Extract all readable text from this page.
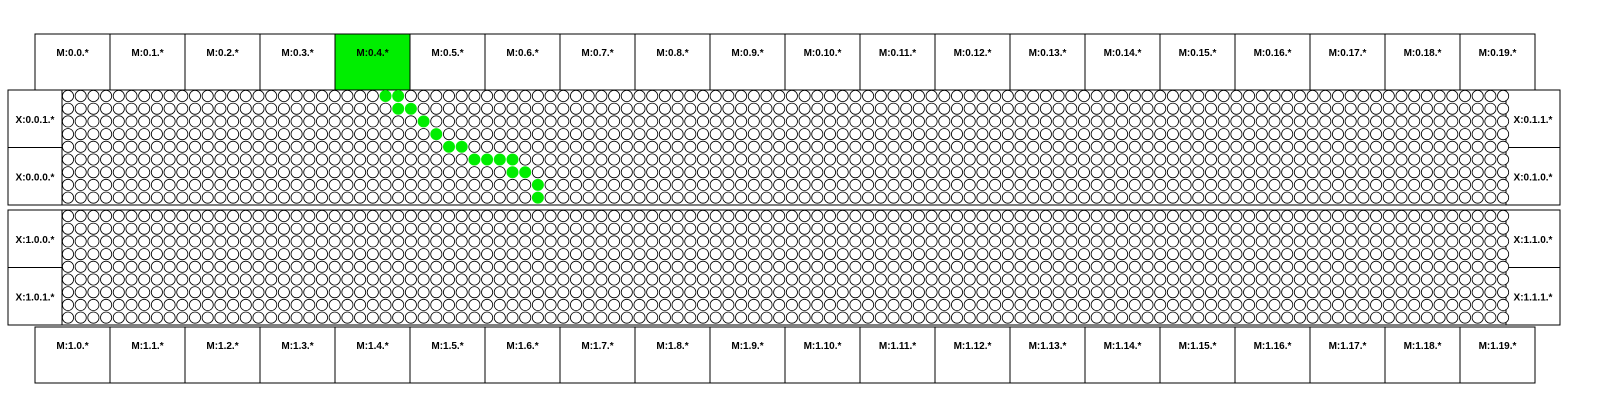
M:0.0.*	M:0.1.*	M:0.2.*	M:0.3.*	M:0.4.*	M:0.5.*	M:0.6.*	M:0.7.*	M:0.8.*	M:0.9.*	M:0.10.*	M:0.11.*	M:0.12.*	M:0.13.*	M:0.14.*	M:0.15.*	M:0.16.*	M:0.17.*	M:0.18.*	M:0.19.*
X:0.0.1.*	X:0.1.1.*
X:0.0.0.*	X:0.1.0.*
X:1.0.0.*	X:1.1.0.*
X:1.0.1.*	X:1.1.1.*
M:1.0.*	M:1.1.*	M:1.2.*	M:1.3.*	M:1.4.*	M:1.5.*	M:1.6.*	M:1.7.*	M:1.8.*	M:1.9.*	M:1.10.*	M:1.11.*	M:1.12.*	M:1.13.*	M:1.14.*	M:1.15.*	M:1.16.*	M:1.17.*	M:1.18.*	M:1.19.*
